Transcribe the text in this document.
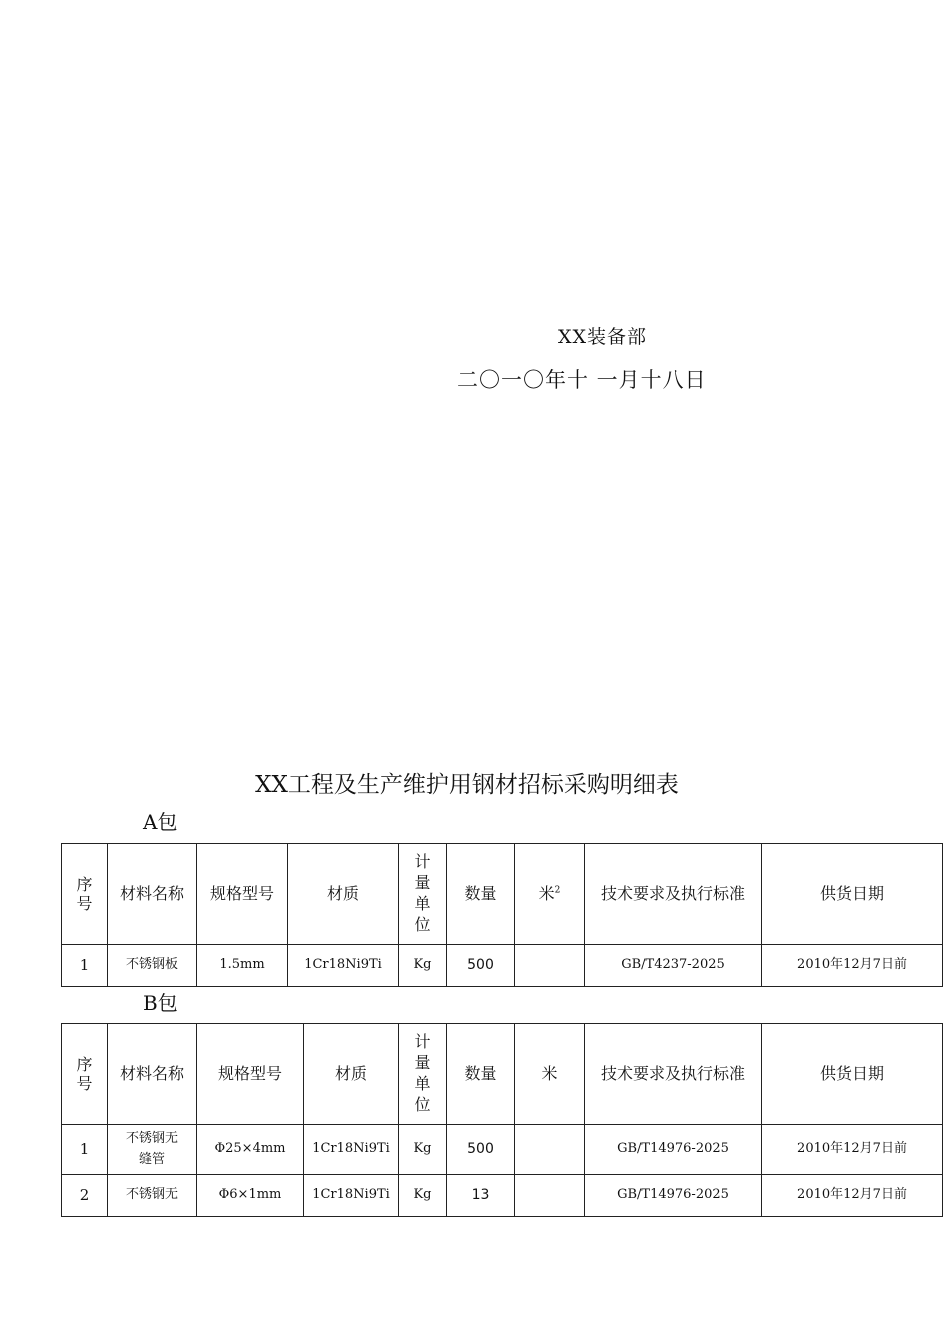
XX装备部
二〇一〇年十 一月十八日
XX工程及生产维护用钢材招标采购明细表
A包
序号	材料名称	规格型号	材质	计量单位	数量	米$^2$	技术要求及执行标准	供货日期
1	不锈钢板	1.5mm	1Cr18Ni9Ti	Kg	500		GB/T4237-2025	2010年12月7日前
B包
序号	材料名称	规格型号	材质	计量单位	数量	米	技术要求及执行标准	供货日期
1	不锈钢无缝管	Φ25×4mm	1Cr18Ni9Ti	Kg	500		GB/T14976-2025	2010年12月7日前
2	不锈钢无	Φ6×1mm	1Cr18Ni9Ti	Kg	13		GB/T14976-2025	2010年12月7日前
